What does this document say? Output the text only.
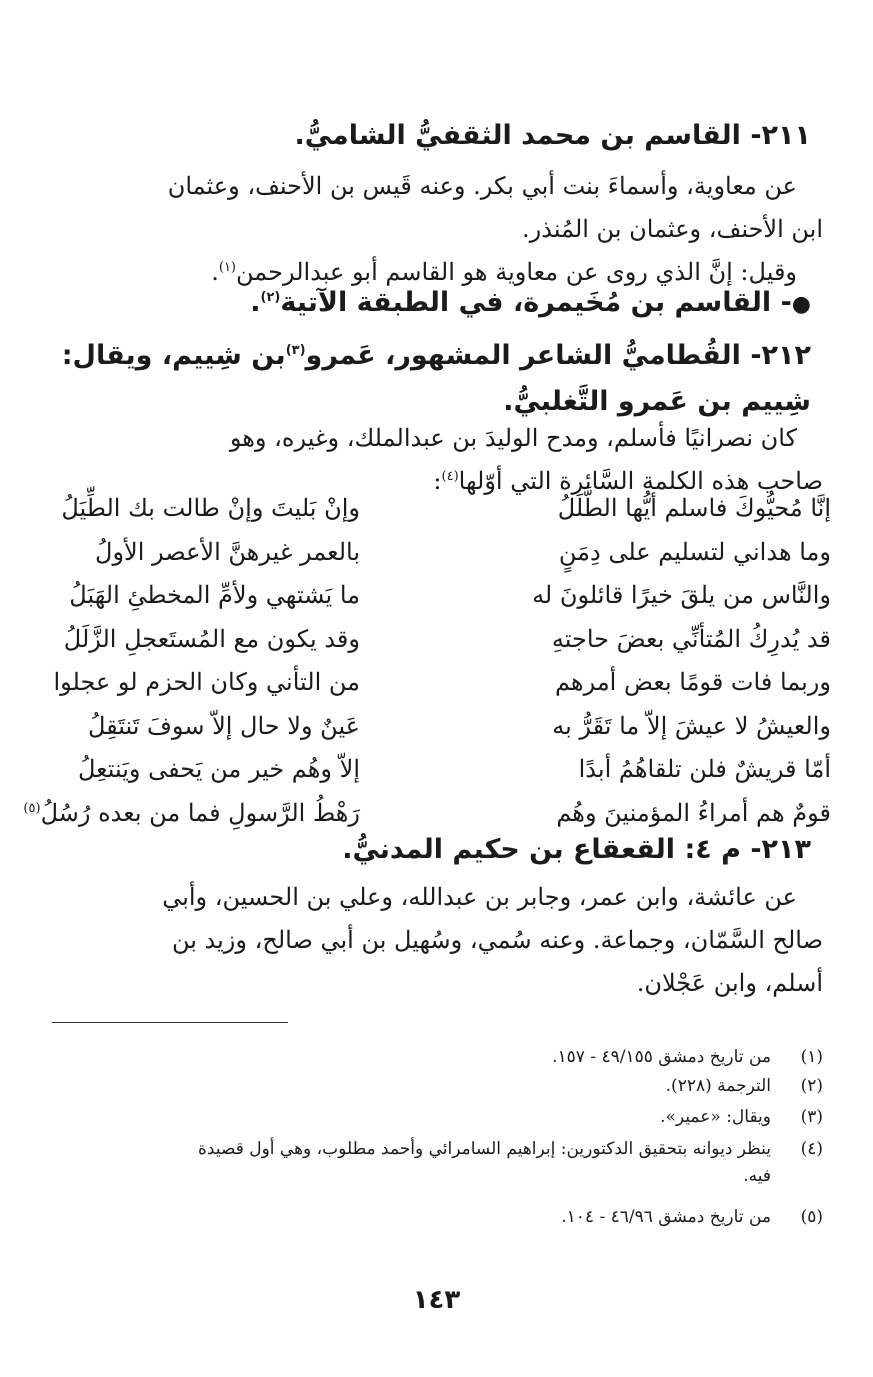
٢١١- القاسم بن محمد الثقفيُّ الشاميُّ.
عن معاوية، وأسماءَ بنت أبي بكر. وعنه قَيس بن الأحنف، وعثمان
ابن الأحنف، وعثمان بن المُنذر.
وقيل: إنَّ الذي روى عن معاوية هو القاسم أبو عبدالرحمن$^{(١)}$.
●- القاسم بن مُخَيمرة، في الطبقة الآتية$^{(٢)}$.
٢١٢- القُطاميُّ الشاعر المشهور، عَمرو$^{(٣)}$بن شِييم، ويقال:
شِييم بن عَمرو التَّغلبيُّ.
كان نصرانيًا فأسلم، ومدح الوليدَ بن عبدالملك، وغيره، وهو
صاحب هذه الكلمة السَّائرة التي أوّلها$^{(٤)}$:
إنَّا مُحيُّوكَ فاسلم أيُّها الطَّلَلُ
وإنْ بَليتَ وإنْ طالت بك الطِّيَلُ
وما هداني لتسليم على دِمَنٍ
بالعمر غيرهنَّ الأعصر الأولُ
والنَّاس من يلقَ خيرًا قائلونَ له
ما يَشتهي ولأمِّ المخطئِ الهَبَلُ
قد يُدرِكُ المُتأنِّي بعضَ حاجتهِ
وقد يكون مع المُستَعجلِ الزَّلَلُ
وربما فات قومًا بعض أمرهم
من التأني وكان الحزم لو عجلوا
والعيشُ لا عيشَ إلاّ ما تَقَرُّ به
عَينٌ ولا حال إلاّ سوفَ تَنتَقِلُ
أمّا قريشٌ فلن تلقاهُمُ أبدًا
إلاّ وهُم خير من يَحفى ويَنتعِلُ
قومٌ هم أمراءُ المؤمنينَ وهُم
رَهْطُ الرَّسولِ فما من بعده رُسُلُ$^{(٥)}$
٢١٣- م ٤: القعقاع بن حكيم المدنيُّ.
عن عائشة، وابن عمر، وجابر بن عبدالله، وعلي بن الحسين، وأبي
صالح السَّمّان، وجماعة. وعنه سُمي، وسُهيل بن أبي صالح، وزيد بن
أسلم، وابن عَجْلان.
(١)من تاريخ دمشق ٤٩/١٥٥ - ١٥٧.
(٢)الترجمة (٢٢٨).
(٣)ويقال: «عمير».
(٤)ينظر ديوانه بتحقيق الدكتورين: إبراهيم السامرائي وأحمد مطلوب، وهي أول قصيدة
فيه.
(٥)من تاريخ دمشق ٤٦/٩٦ - ١٠٤.
١٤٣
